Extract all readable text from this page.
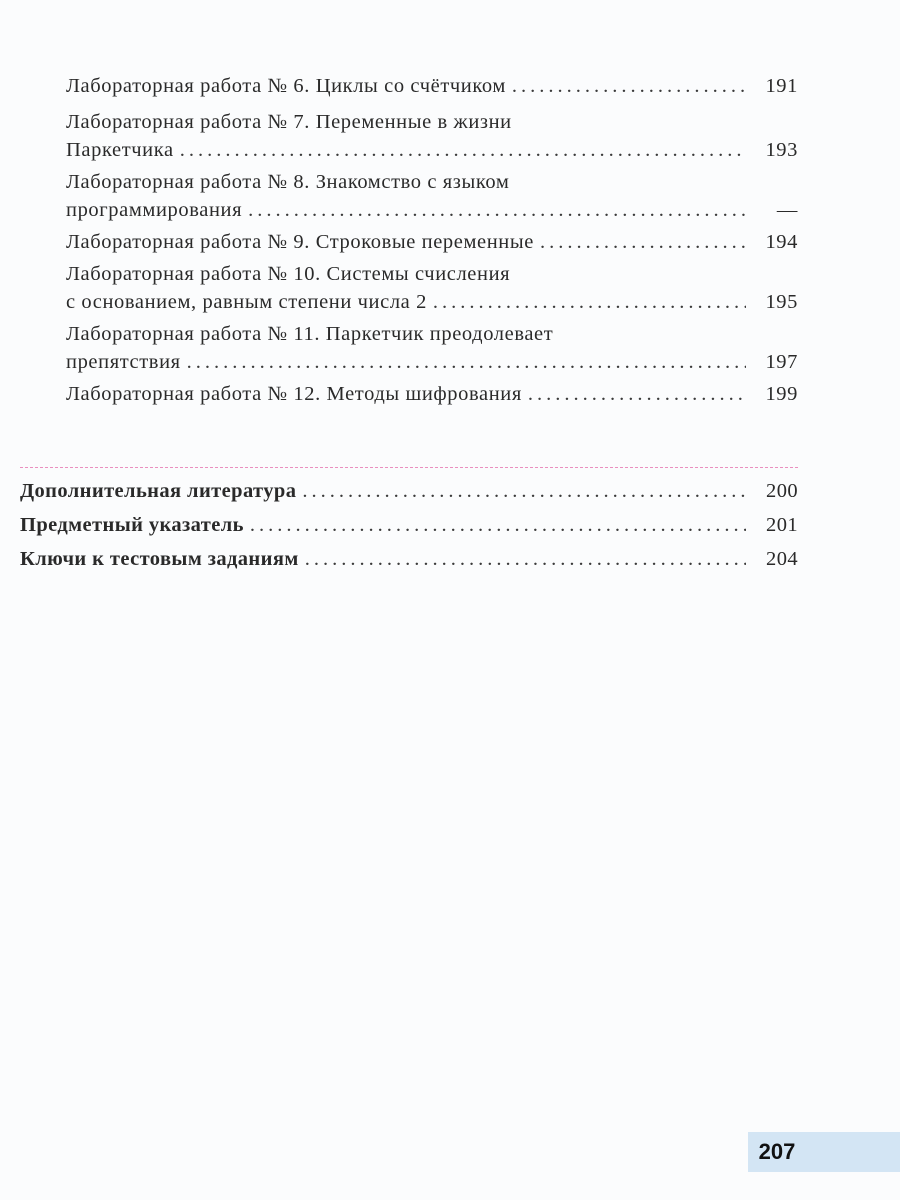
Лабораторная работа № 6. Циклы со счётчиком .....	191
Лабораторная работа № 7. Переменные в жизни
Паркетчика .....	193
Лабораторная работа № 8. Знакомство с языком
программирования .....	—
Лабораторная работа № 9. Строковые переменные .....	194
Лабораторная работа № 10. Системы счисления
с основанием, равным степени числа 2 .....	195
Лабораторная работа № 11. Паркетчик преодолевает
препятствия .....	197
Лабораторная работа № 12. Методы шифрования .....	199
Дополнительная литература .....	200
Предметный указатель .....	201
Ключи к тестовым заданиям .....	204
207
